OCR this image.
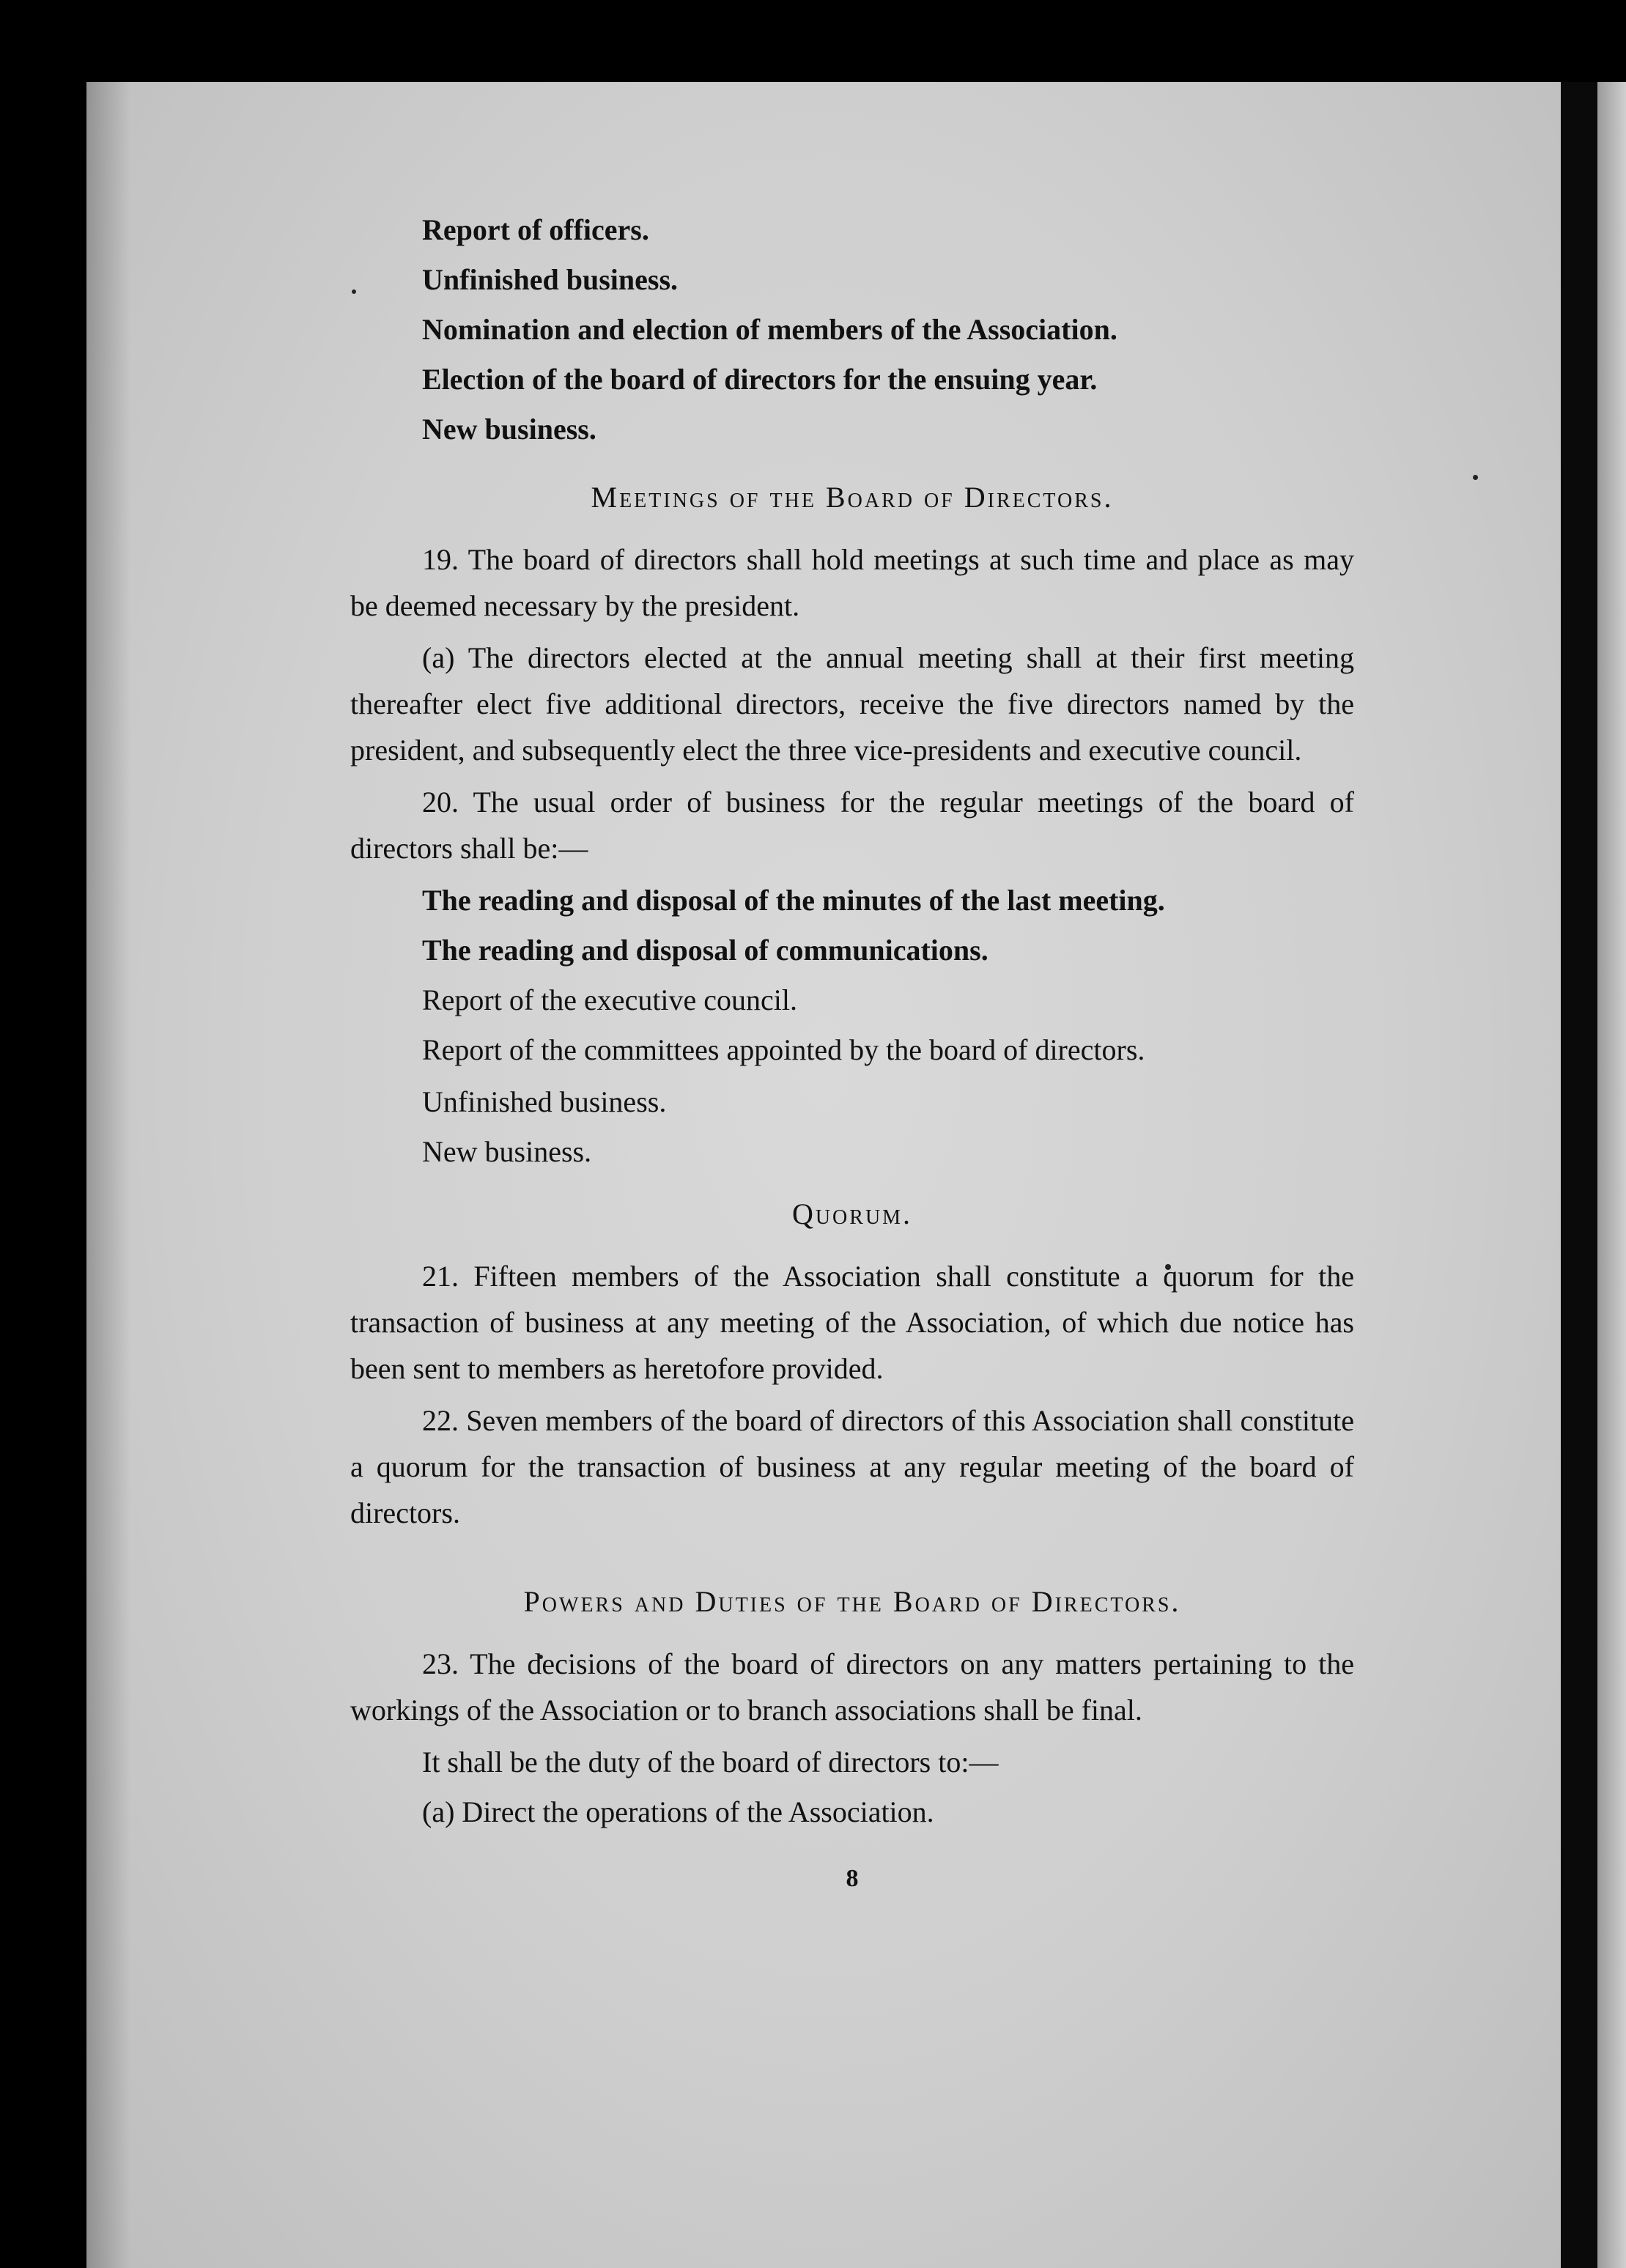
Report of officers.

Unfinished business.

Nomination and election of members of the Association.

Election of the board of directors for the ensuing year.

New business.

Meetings of the Board of Directors.

19. The board of directors shall hold meetings at such time and place as may be deemed necessary by the president.

(a) The directors elected at the annual meeting shall at their first meeting thereafter elect five additional directors, receive the five directors named by the president, and subsequently elect the three vice-presidents and executive council.

20. The usual order of business for the regular meetings of the board of directors shall be:—

The reading and disposal of the minutes of the last meeting.

The reading and disposal of communications.

Report of the executive council.

Report of the committees appointed by the board of directors.

Unfinished business.

New business.

Quorum.

21. Fifteen members of the Association shall constitute a quorum for the transaction of business at any meeting of the Association, of which due notice has been sent to members as heretofore provided.

22. Seven members of the board of directors of this Association shall constitute a quorum for the transaction of business at any regular meeting of the board of directors.

Powers and Duties of the Board of Directors.

23. The decisions of the board of directors on any matters pertaining to the workings of the Association or to branch associations shall be final.

It shall be the duty of the board of directors to:—

(a) Direct the operations of the Association.

8
